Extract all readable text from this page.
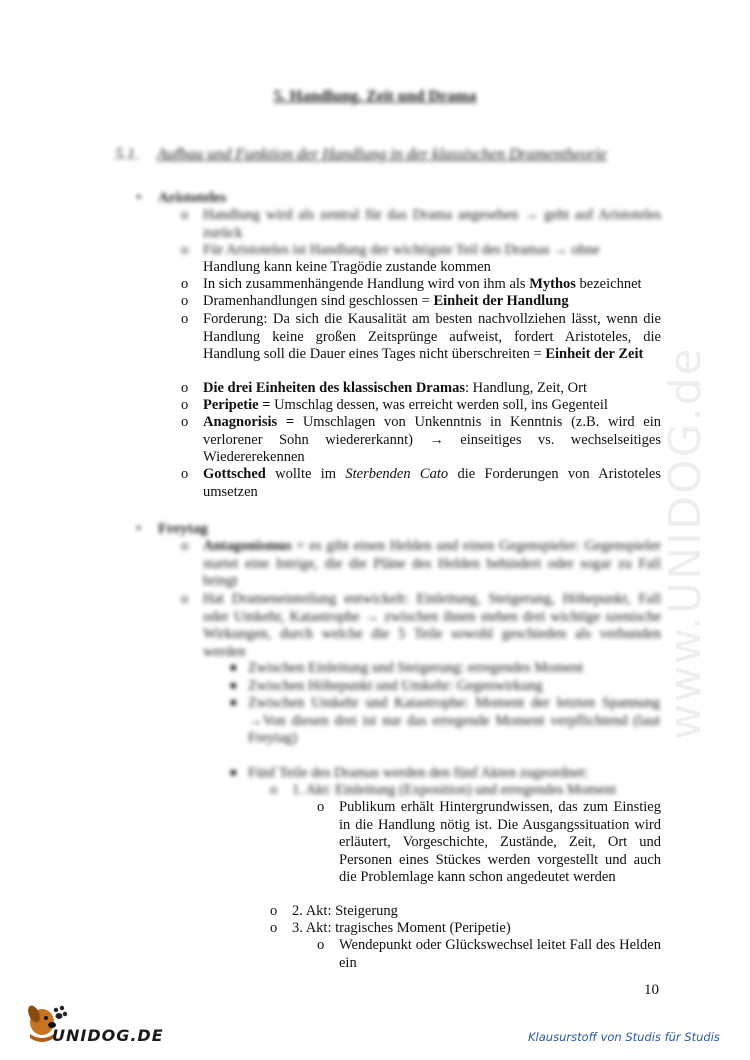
www.UNIDOG.de
5. Handlung, Zeit und Drama
5.1. Aufbau und Funktion der Handlung in der klassischen Dramentheorie
• Aristoteles
o Handlung wird als zentral für das Drama angesehen → geht auf Aristoteles zurück
o Für Aristoteles ist Handlung der wichtigste Teil des Dramas → ohne
Handlung kann keine Tragödie zustande kommen
o In sich zusammenhängende Handlung wird von ihm als Mythos bezeichnet
o Dramenhandlungen sind geschlossen = Einheit der Handlung
o Forderung: Da sich die Kausalität am besten nachvollziehen lässt, wenn die Handlung keine großen Zeitsprünge aufweist, fordert Aristoteles, die Handlung soll die Dauer eines Tages nicht überschreiten = Einheit der Zeit
o Die drei Einheiten des klassischen Dramas: Handlung, Zeit, Ort
o Peripetie = Umschlag dessen, was erreicht werden soll, ins Gegenteil
o Anagnorisis = Umschlagen von Unkenntnis in Kenntnis (z.B. wird ein verlorener Sohn wiedererkannt) → einseitiges vs. wechselseitiges Wiedererekennen
o Gottsched wollte im Sterbenden Cato die Forderungen von Aristoteles umsetzen
• Freytag
o Antagonismus = es gibt einen Helden und einen Gegenspieler: Gegenspieler startet eine Intrige, die die Pläne des Helden behindert oder sogar zu Fall bringt
o Hat Drameneinteilung entwickelt: Einleitung, Steigerung, Höhepunkt, Fall oder Umkehr, Katastrophe → zwischen ihnen stehen drei wichtige szenische Wirkungen, durch welche die 5 Teile sowohl geschieden als verbunden werden
■ Zwischen Einleitung und Steigerung: erregendes Moment
■ Zwischen Höhepunkt und Umkehr: Gegenwirkung
■ Zwischen Umkehr und Katastrophe: Moment der letzten Spannung →Von diesen drei ist nur das erregende Moment verpflichtend (laut Freytag)
■ Fünf Teile des Dramas werden den fünf Akten zugeordnet:
o 1. Akt: Einleitung (Exposition) und erregendes Moment
o Publikum erhält Hintergrundwissen, das zum Einstieg in die Handlung nötig ist. Die Ausgangssituation wird erläutert, Vorgeschichte, Zustände, Zeit, Ort und Personen eines Stückes werden vorgestellt und auch die Problemlage kann schon angedeutet werden
o 2. Akt: Steigerung
o 3. Akt: tragisches Moment (Peripetie)
o Wendepunkt oder Glückswechsel leitet Fall des Helden ein
10
UNIDOG.DE	Klausurstoff von Studis für Studis
